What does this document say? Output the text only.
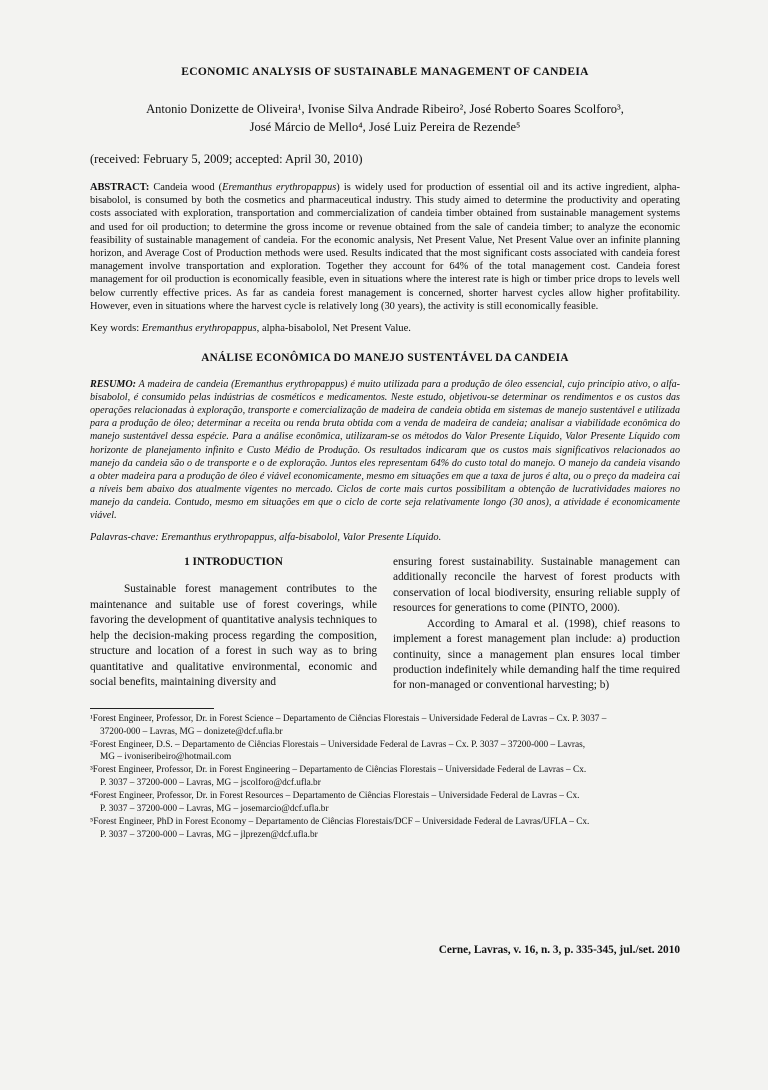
ECONOMIC ANALYSIS OF SUSTAINABLE MANAGEMENT OF CANDEIA
Antonio Donizette de Oliveira¹, Ivonise Silva Andrade Ribeiro², José Roberto Soares Scolforo³,
José Márcio de Mello⁴, José Luiz Pereira de Rezende⁵
(received: February 5, 2009; accepted: April 30, 2010)
ABSTRACT: Candeia wood (Eremanthus erythropappus) is widely used for production of essential oil and its active ingredient, alpha-bisabolol, is consumed by both the cosmetics and pharmaceutical industry. This study aimed to determine the productivity and operating costs associated with exploration, transportation and commercialization of candeia timber obtained from sustainable management systems and used for oil production; to determine the gross income or revenue obtained from the sale of candeia timber; to analyze the economic feasibility of sustainable management of candeia. For the economic analysis, Net Present Value, Net Present Value over an infinite planning horizon, and Average Cost of Production methods were used. Results indicated that the most significant costs associated with candeia forest management involve transportation and exploration. Together they account for 64% of the total management cost. Candeia forest management for oil production is economically feasible, even in situations where the interest rate is high or timber price drops to levels well below currently effective prices. As far as candeia forest management is concerned, shorter harvest cycles allow higher profitability. However, even in situations where the harvest cycle is relatively long (30 years), the activity is still economically feasible.
Key words: Eremanthus erythropappus, alpha-bisabolol, Net Present Value.
ANÁLISE ECONÔMICA DO MANEJO SUSTENTÁVEL DA CANDEIA
RESUMO: A madeira de candeia (Eremanthus erythropappus) é muito utilizada para a produção de óleo essencial, cujo princípio ativo, o alfa-bisabolol, é consumido pelas indústrias de cosméticos e medicamentos. Neste estudo, objetivou-se determinar os rendimentos e os custos das operações relacionadas à exploração, transporte e comercialização de madeira de candeia obtida em sistemas de manejo sustentável e utilizada para a produção de óleo; determinar a receita ou renda bruta obtida com a venda de madeira de candeia; analisar a viabilidade econômica do manejo sustentável dessa espécie. Para a análise econômica, utilizaram-se os métodos do Valor Presente Líquido, Valor Presente Líquido com horizonte de planejamento infinito e Custo Médio de Produção. Os resultados indicaram que os custos mais significativos relacionados ao manejo da candeia são o de transporte e o de exploração. Juntos eles representam 64% do custo total do manejo. O manejo da candeia visando a obter madeira para a produção de óleo é viável economicamente, mesmo em situações em que a taxa de juros é alta, ou o preço da madeira cai a níveis bem abaixo dos atualmente vigentes no mercado. Ciclos de corte mais curtos possibilitam a obtenção de lucratividades maiores no manejo da candeia. Contudo, mesmo em situações em que o ciclo de corte seja relativamente longo (30 anos), a atividade é economicamente viável.
Palavras-chave: Eremanthus erythropappus, alfa-bisabolol, Valor Presente Líquido.
1 INTRODUCTION

Sustainable forest management contributes to the maintenance and suitable use of forest coverings, while favoring the development of quantitative analysis techniques to help the decision-making process regarding the composition, structure and location of a forest in such way as to bring quantitative and qualitative environmental, economic and social benefits, maintaining diversity and

ensuring forest sustainability. Sustainable management can additionally reconcile the harvest of forest products with conservation of local biodiversity, ensuring reliable supply of resources for generations to come (PINTO, 2000).

According to Amaral et al. (1998), chief reasons to implement a forest management plan include: a) production continuity, since a management plan ensures local timber production indefinitely while demanding half the time required for non-managed or conventional harvesting; b)

¹Forest Engineer, Professor, Dr. in Forest Science – Departamento de Ciências Florestais – Universidade Federal de Lavras – Cx. P. 3037 –
37200-000 – Lavras, MG – donizete@dcf.ufla.br
²Forest Engineer, D.S. – Departamento de Ciências Florestais – Universidade Federal de Lavras – Cx. P. 3037 – 37200-000 – Lavras,
MG – ivoniseribeiro@hotmail.com
³Forest Engineer, Professor, Dr. in Forest Engineering – Departamento de Ciências Florestais – Universidade Federal de Lavras – Cx.
P. 3037 – 37200-000 – Lavras, MG – jscolforo@dcf.ufla.br
⁴Forest Engineer, Professor, Dr. in Forest Resources – Departamento de Ciências Florestais – Universidade Federal de Lavras – Cx.
P. 3037 – 37200-000 – Lavras, MG – josemarcio@dcf.ufla.br
⁵Forest Engineer, PhD in Forest Economy – Departamento de Ciências Florestais/DCF – Universidade Federal de Lavras/UFLA – Cx.
P. 3037 – 37200-000 – Lavras, MG – jlprezen@dcf.ufla.br
Cerne, Lavras, v. 16, n. 3, p. 335-345, jul./set. 2010
